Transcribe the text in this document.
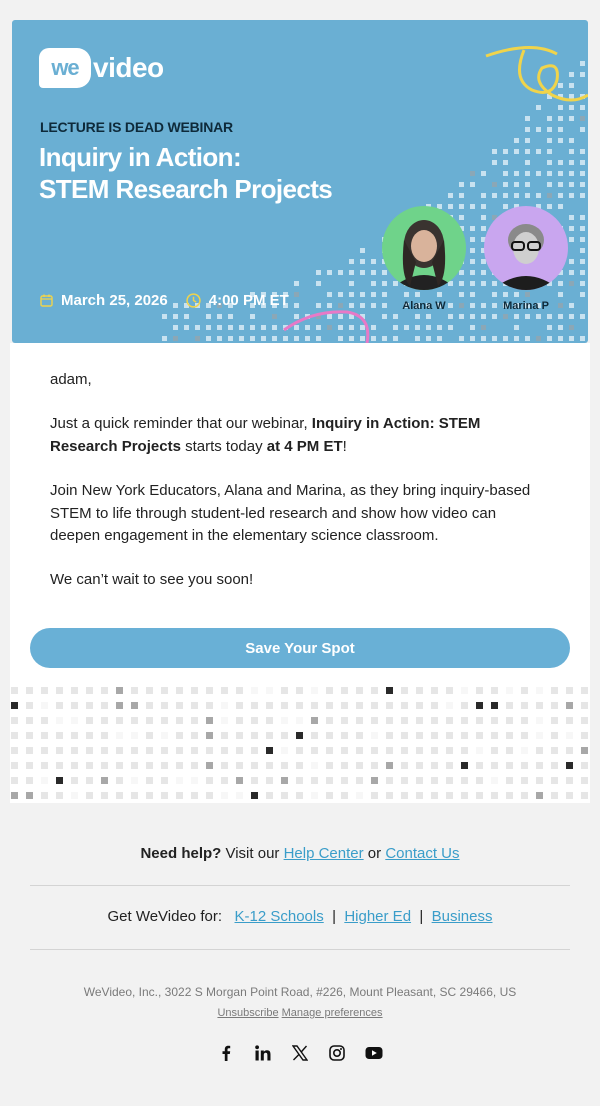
we video
LECTURE IS DEAD WEBINAR
Inquiry in Action:
STEM Research Projects
March 25, 2026	4:00 PM ET	Alana W	Marina P
adam,
Just a quick reminder that our webinar, Inquiry in Action: STEM Research Projects starts today at 4 PM ET!
Join New York Educators, Alana and Marina, as they bring inquiry-based STEM to life through student-led research and show how video can deepen engagement in the elementary science classroom.
We can’t wait to see you soon!
Save Your Spot
Need help? Visit our Help Center or Contact Us
Get WeVideo for: K-12 Schools | Higher Ed | Business
WeVideo, Inc., 3022 S Morgan Point Road, #226, Mount Pleasant, SC 29466, US
Unsubscribe Manage preferences
